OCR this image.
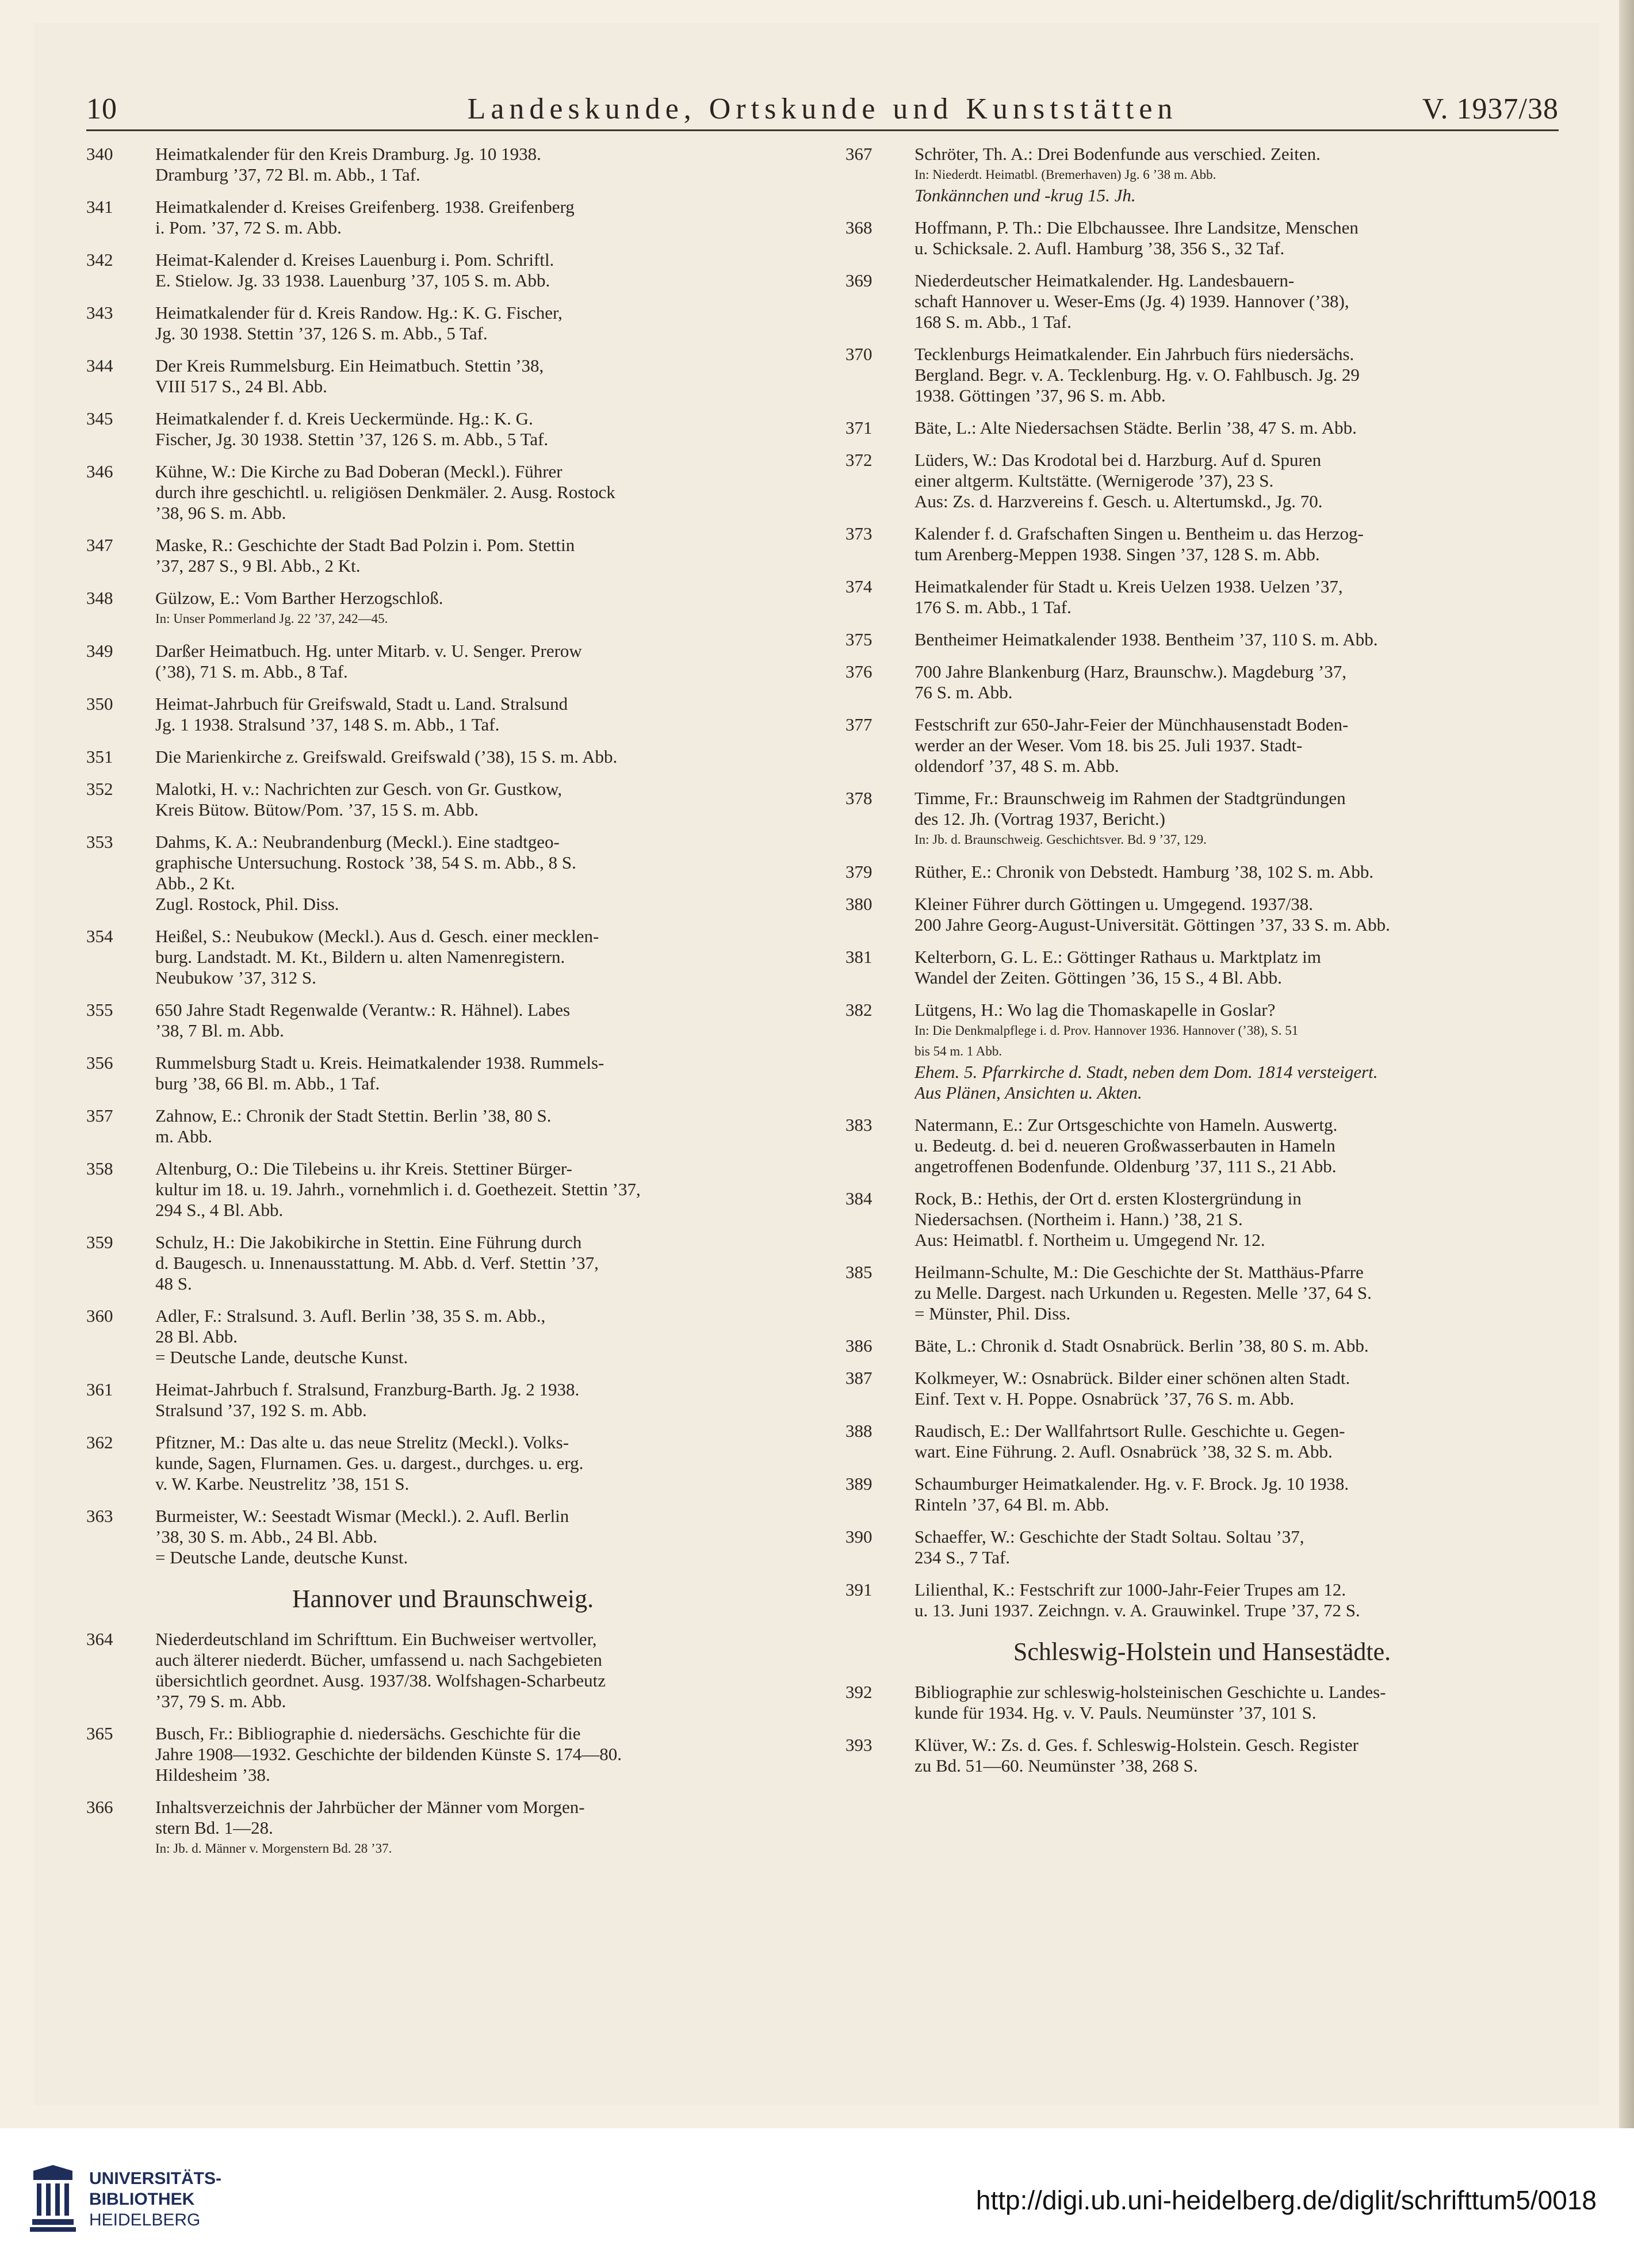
10	Landeskunde, Ortskunde und Kunststätten	V. 1937/38
340	Heimatkalender für den Kreis Dramburg. Jg. 10 1938.
Dramburg ’37, 72 Bl. m. Abb., 1 Taf.
341	Heimatkalender d. Kreises Greifenberg. 1938. Greifenberg
i. Pom. ’37, 72 S. m. Abb.
342	Heimat-Kalender d. Kreises Lauenburg i. Pom. Schriftl.
E. Stielow. Jg. 33 1938. Lauenburg ’37, 105 S. m. Abb.
343	Heimatkalender für d. Kreis Randow. Hg.: K. G. Fischer,
Jg. 30 1938. Stettin ’37, 126 S. m. Abb., 5 Taf.
344	Der Kreis Rummelsburg. Ein Heimatbuch. Stettin ’38,
VIII 517 S., 24 Bl. Abb.
345	Heimatkalender f. d. Kreis Ueckermünde. Hg.: K. G.
Fischer, Jg. 30 1938. Stettin ’37, 126 S. m. Abb., 5 Taf.
346	Kühne, W.: Die Kirche zu Bad Doberan (Meckl.). Führer
durch ihre geschichtl. u. religiösen Denkmäler. 2. Ausg. Rostock
’38, 96 S. m. Abb.
347	Maske, R.: Geschichte der Stadt Bad Polzin i. Pom. Stettin
’37, 287 S., 9 Bl. Abb., 2 Kt.
348	Gülzow, E.: Vom Barther Herzogschloß.
In: Unser Pommerland Jg. 22 ’37, 242—45.
349	Darßer Heimatbuch. Hg. unter Mitarb. v. U. Senger. Prerow
(’38), 71 S. m. Abb., 8 Taf.
350	Heimat-Jahrbuch für Greifswald, Stadt u. Land. Stralsund
Jg. 1 1938. Stralsund ’37, 148 S. m. Abb., 1 Taf.
351	Die Marienkirche z. Greifswald. Greifswald (’38), 15 S. m. Abb.
352	Malotki, H. v.: Nachrichten zur Gesch. von Gr. Gustkow,
Kreis Bütow. Bütow/Pom. ’37, 15 S. m. Abb.
353	Dahms, K. A.: Neubrandenburg (Meckl.). Eine stadtgeo-
graphische Untersuchung. Rostock ’38, 54 S. m. Abb., 8 S.
Abb., 2 Kt.
Zugl. Rostock, Phil. Diss.
354	Heißel, S.: Neubukow (Meckl.). Aus d. Gesch. einer mecklen-
burg. Landstadt. M. Kt., Bildern u. alten Namenregistern.
Neubukow ’37, 312 S.
355	650 Jahre Stadt Regenwalde (Verantw.: R. Hähnel). Labes
’38, 7 Bl. m. Abb.
356	Rummelsburg Stadt u. Kreis. Heimatkalender 1938. Rummels-
burg ’38, 66 Bl. m. Abb., 1 Taf.
357	Zahnow, E.: Chronik der Stadt Stettin. Berlin ’38, 80 S.
m. Abb.
358	Altenburg, O.: Die Tilebeins u. ihr Kreis. Stettiner Bürger-
kultur im 18. u. 19. Jahrh., vornehmlich i. d. Goethezeit. Stettin ’37,
294 S., 4 Bl. Abb.
359	Schulz, H.: Die Jakobikirche in Stettin. Eine Führung durch
d. Baugesch. u. Innenausstattung. M. Abb. d. Verf. Stettin ’37,
48 S.
360	Adler, F.: Stralsund. 3. Aufl. Berlin ’38, 35 S. m. Abb.,
28 Bl. Abb.
= Deutsche Lande, deutsche Kunst.
361	Heimat-Jahrbuch f. Stralsund, Franzburg-Barth. Jg. 2 1938.
Stralsund ’37, 192 S. m. Abb.
362	Pfitzner, M.: Das alte u. das neue Strelitz (Meckl.). Volks-
kunde, Sagen, Flurnamen. Ges. u. dargest., durchges. u. erg.
v. W. Karbe. Neustrelitz ’38, 151 S.
363	Burmeister, W.: Seestadt Wismar (Meckl.). 2. Aufl. Berlin
’38, 30 S. m. Abb., 24 Bl. Abb.
= Deutsche Lande, deutsche Kunst.
Hannover und Braunschweig.
364	Niederdeutschland im Schrifttum. Ein Buchweiser wertvoller,
auch älterer niederdt. Bücher, umfassend u. nach Sachgebieten
übersichtlich geordnet. Ausg. 1937/38. Wolfshagen-Scharbeutz
’37, 79 S. m. Abb.
365	Busch, Fr.: Bibliographie d. niedersächs. Geschichte für die
Jahre 1908—1932. Geschichte der bildenden Künste S. 174—80.
Hildesheim ’38.
366	Inhaltsverzeichnis der Jahrbücher der Männer vom Morgen-
stern Bd. 1—28.
In: Jb. d. Männer v. Morgenstern Bd. 28 ’37.
367	Schröter, Th. A.: Drei Bodenfunde aus verschied. Zeiten.
In: Niederdt. Heimatbl. (Bremerhaven) Jg. 6 ’38 m. Abb.
Tonkännchen und -krug 15. Jh.
368	Hoffmann, P. Th.: Die Elbchaussee. Ihre Landsitze, Menschen
u. Schicksale. 2. Aufl. Hamburg ’38, 356 S., 32 Taf.
369	Niederdeutscher Heimatkalender. Hg. Landesbauern-
schaft Hannover u. Weser-Ems (Jg. 4) 1939. Hannover (’38),
168 S. m. Abb., 1 Taf.
370	Tecklenburgs Heimatkalender. Ein Jahrbuch fürs niedersächs.
Bergland. Begr. v. A. Tecklenburg. Hg. v. O. Fahlbusch. Jg. 29
1938. Göttingen ’37, 96 S. m. Abb.
371	Bäte, L.: Alte Niedersachsen Städte. Berlin ’38, 47 S. m. Abb.
372	Lüders, W.: Das Krodotal bei d. Harzburg. Auf d. Spuren
einer altgerm. Kultstätte. (Wernigerode ’37), 23 S.
Aus: Zs. d. Harzvereins f. Gesch. u. Altertumskd., Jg. 70.
373	Kalender f. d. Grafschaften Singen u. Bentheim u. das Herzog-
tum Arenberg-Meppen 1938. Singen ’37, 128 S. m. Abb.
374	Heimatkalender für Stadt u. Kreis Uelzen 1938. Uelzen ’37,
176 S. m. Abb., 1 Taf.
375	Bentheimer Heimatkalender 1938. Bentheim ’37, 110 S. m. Abb.
376	700 Jahre Blankenburg (Harz, Braunschw.). Magdeburg ’37,
76 S. m. Abb.
377	Festschrift zur 650-Jahr-Feier der Münchhausenstadt Boden-
werder an der Weser. Vom 18. bis 25. Juli 1937. Stadt-
oldendorf ’37, 48 S. m. Abb.
378	Timme, Fr.: Braunschweig im Rahmen der Stadtgründungen
des 12. Jh. (Vortrag 1937, Bericht.)
In: Jb. d. Braunschweig. Geschichtsver. Bd. 9 ’37, 129.
379	Rüther, E.: Chronik von Debstedt. Hamburg ’38, 102 S. m. Abb.
380	Kleiner Führer durch Göttingen u. Umgegend. 1937/38.
200 Jahre Georg-August-Universität. Göttingen ’37, 33 S. m. Abb.
381	Kelterborn, G. L. E.: Göttinger Rathaus u. Marktplatz im
Wandel der Zeiten. Göttingen ’36, 15 S., 4 Bl. Abb.
382	Lütgens, H.: Wo lag die Thomaskapelle in Goslar?
In: Die Denkmalpflege i. d. Prov. Hannover 1936. Hannover (’38), S. 51
bis 54 m. 1 Abb.
Ehem. 5. Pfarrkirche d. Stadt, neben dem Dom. 1814 versteigert.
Aus Plänen, Ansichten u. Akten.
383	Natermann, E.: Zur Ortsgeschichte von Hameln. Auswertg.
u. Bedeutg. d. bei d. neueren Großwasserbauten in Hameln
angetroffenen Bodenfunde. Oldenburg ’37, 111 S., 21 Abb.
384	Rock, B.: Hethis, der Ort d. ersten Klostergründung in
Niedersachsen. (Northeim i. Hann.) ’38, 21 S.
Aus: Heimatbl. f. Northeim u. Umgegend Nr. 12.
385	Heilmann-Schulte, M.: Die Geschichte der St. Matthäus-Pfarre
zu Melle. Dargest. nach Urkunden u. Regesten. Melle ’37, 64 S.
= Münster, Phil. Diss.
386	Bäte, L.: Chronik d. Stadt Osnabrück. Berlin ’38, 80 S. m. Abb.
387	Kolkmeyer, W.: Osnabrück. Bilder einer schönen alten Stadt.
Einf. Text v. H. Poppe. Osnabrück ’37, 76 S. m. Abb.
388	Raudisch, E.: Der Wallfahrtsort Rulle. Geschichte u. Gegen-
wart. Eine Führung. 2. Aufl. Osnabrück ’38, 32 S. m. Abb.
389	Schaumburger Heimatkalender. Hg. v. F. Brock. Jg. 10 1938.
Rinteln ’37, 64 Bl. m. Abb.
390	Schaeffer, W.: Geschichte der Stadt Soltau. Soltau ’37,
234 S., 7 Taf.
391	Lilienthal, K.: Festschrift zur 1000-Jahr-Feier Trupes am 12.
u. 13. Juni 1937. Zeichngn. v. A. Grauwinkel. Trupe ’37, 72 S.
Schleswig-Holstein und Hansestädte.
392	Bibliographie zur schleswig-holsteinischen Geschichte u. Landes-
kunde für 1934. Hg. v. V. Pauls. Neumünster ’37, 101 S.
393	Klüver, W.: Zs. d. Ges. f. Schleswig-Holstein. Gesch. Register
zu Bd. 51—60. Neumünster ’38, 268 S.
UNIVERSITÄTS-
BIBLIOTHEK
HEIDELBERG
http://digi.ub.uni-heidelberg.de/diglit/schrifttum5/0018
